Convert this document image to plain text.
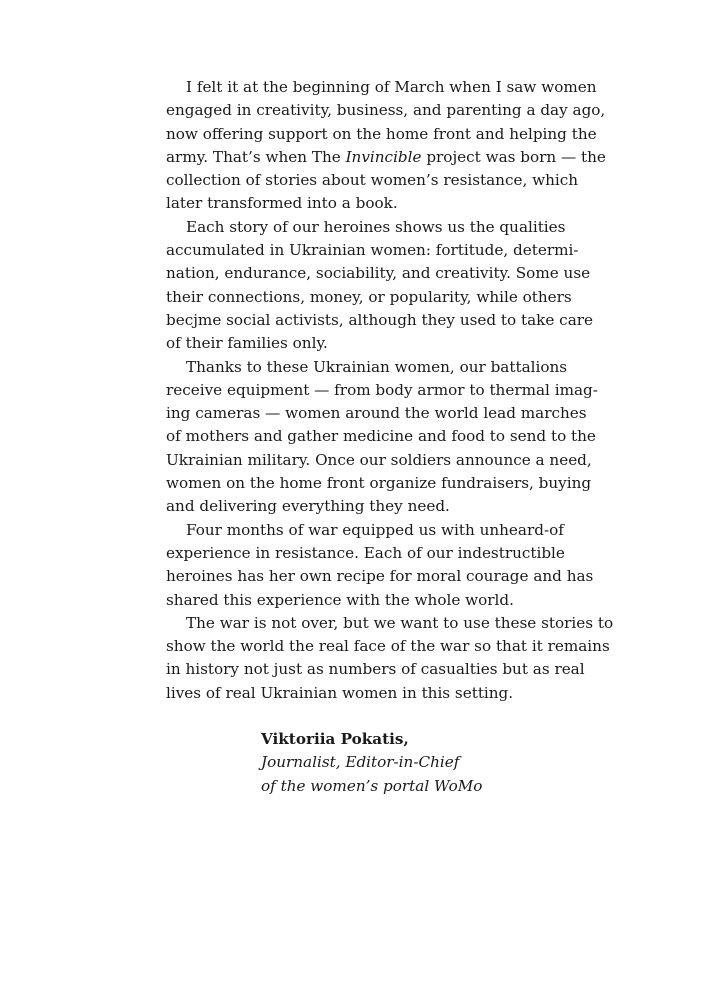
I felt it at the beginning of March when I saw women
engaged in creativity, business, and parenting a day ago,
now offering support on the home front and helping the
army. That’s when The Invincible project was born — the
collection of stories about women’s resistance, which
later transformed into a book.
Each story of our heroines shows us the qualities
accumulated in Ukrainian women: fortitude, determi-
nation, endurance, sociability, and creativity. Some use
their connections, money, or popularity, while others
becjme social activists, although they used to take care
of their families only.
Thanks to these Ukrainian women, our battalions
receive equipment — from body armor to thermal imag-
ing cameras — women around the world lead marches
of mothers and gather medicine and food to send to the
Ukrainian military. Once our soldiers announce a need,
women on the home front organize fundraisers, buying
and delivering everything they need.
Four months of war equipped us with unheard-of
experience in resistance. Each of our indestructible
heroines has her own recipe for moral courage and has
shared this experience with the whole world.
The war is not over, but we want to use these stories to
show the world the real face of the war so that it remains
in history not just as numbers of casualties but as real
lives of real Ukrainian women in this setting.
Viktoriia Pokatis,
Journalist, Editor-in-Chief
of the women’s portal WoMo
